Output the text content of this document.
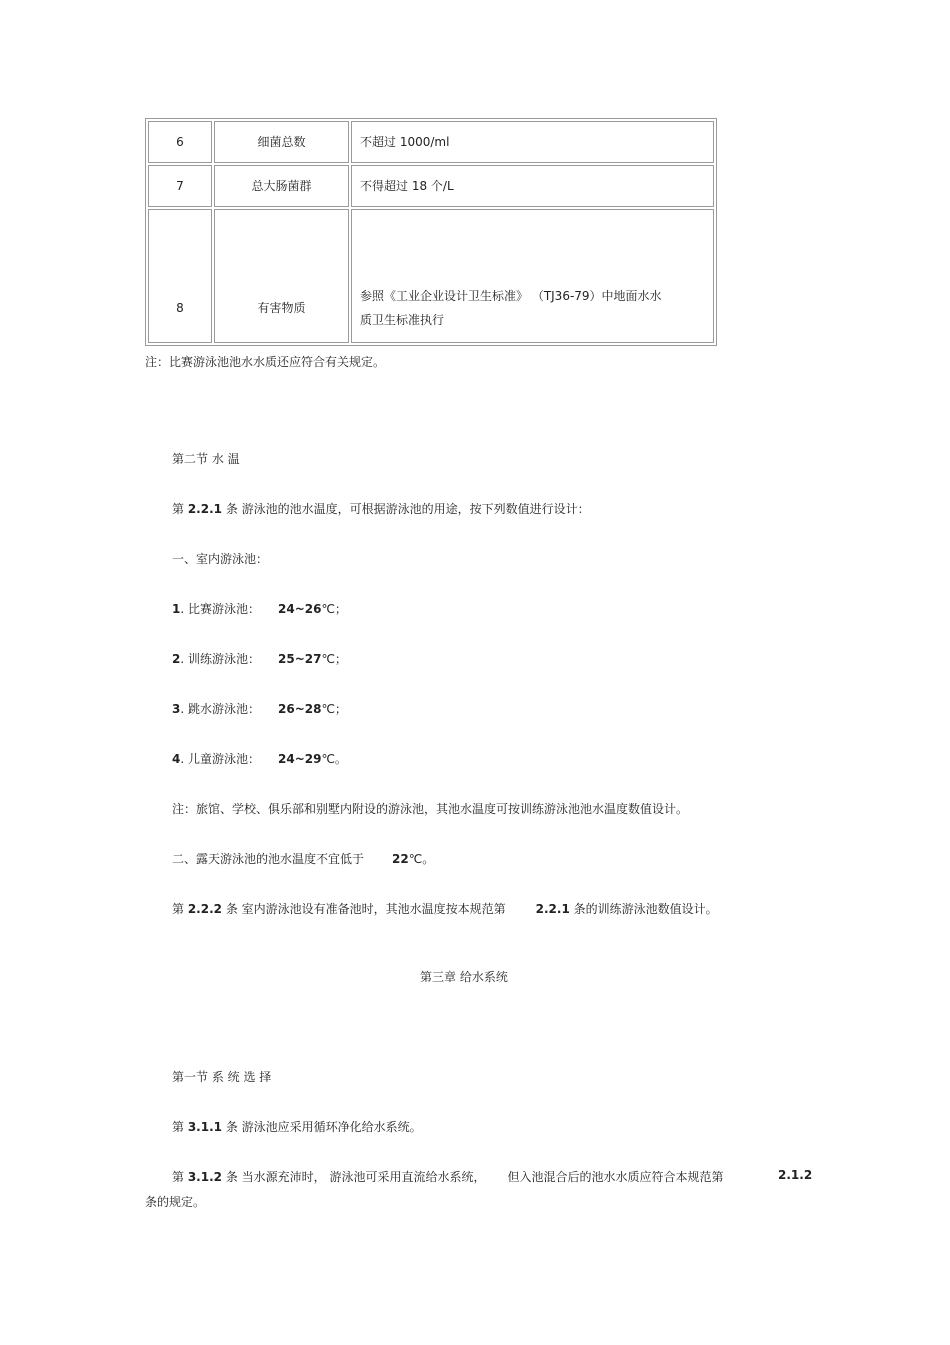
6	细菌总数	不超过 1000/ml
7	总大肠菌群	不得超过 18 个/L
8	有害物质	参照《工业企业设计卫生标准》 （TJ36-79）中地面水水
质卫生标准执行
注：比赛游泳池池水水质还应符合有关规定。
第二节 水 温
第 2.2.1 条 游泳池的池水温度，可根据游泳池的用途，按下列数值进行设计：
一、室内游泳池：
1. 比赛游泳池： 24~26℃；
2. 训练游泳池： 25~27℃；
3. 跳水游泳池： 26~28℃；
4. 儿童游泳池： 24~29℃。
注：旅馆、学校、俱乐部和别墅内附设的游泳池，其池水温度可按训练游泳池池水温度数值设计。
二、露天游泳池的池水温度不宜低于 22℃。
第 2.2.2 条 室内游泳池设有准备池时，其池水温度按本规范第	2.2.1 条的训练游泳池数值设计。
第三章 给水系统
第一节 系 统 选 择
第 3.1.1 条 游泳池应采用循环净化给水系统。
第 3.1.2 条 当水源充沛时， 游泳池可采用直流给水系统， 但入池混合后的池水水质应符合本规范第	2.1.2
条的规定。
